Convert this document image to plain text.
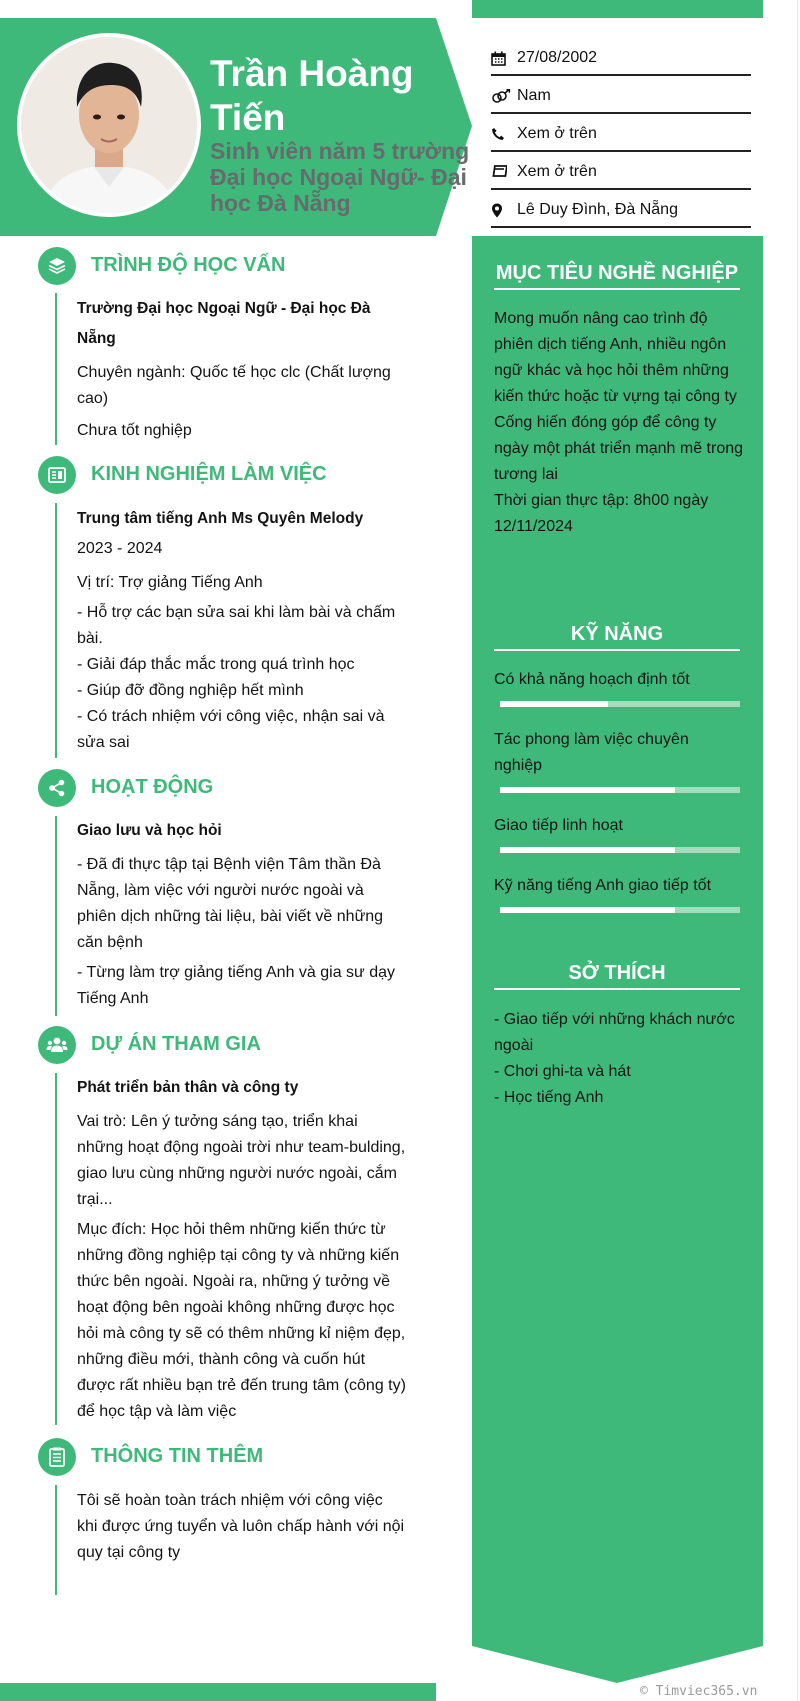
Trần Hoàng Tiến
Sinh viên năm 5 trường Đại học Ngoại Ngữ- Đại học Đà Nẵng
27/08/2002
Nam
Xem ở trên
Xem ở trên
Lê Duy Đình, Đà Nẵng
MỤC TIÊU NGHỀ NGHIỆP
Mong muốn nâng cao trình độ phiên dịch tiếng Anh, nhiều ngôn ngữ khác và học hỏi thêm những kiến thức hoặc từ vựng tại công ty Cống hiến đóng góp để công ty ngày một phát triển mạnh mẽ trong tương lai
Thời gian thực tập: 8h00 ngày 12/11/2024
KỸ NĂNG
Có khả năng hoạch định tốt
Tác phong làm việc chuyên nghiệp
Giao tiếp linh hoạt
Kỹ năng tiếng Anh giao tiếp tốt
SỞ THÍCH
- Giao tiếp với những khách nước ngoài
- Chơi ghi-ta và hát
- Học tiếng Anh
TRÌNH ĐỘ HỌC VẤN
Trường Đại học Ngoại Ngữ - Đại học Đà Nẵng
Chuyên ngành: Quốc tế học clc (Chất lượng cao)
Chưa tốt nghiệp
KINH NGHIỆM LÀM VIỆC
Trung tâm tiếng Anh Ms Quyên Melody
2023 - 2024
Vị trí: Trợ giảng Tiếng Anh
- Hỗ trợ các bạn sửa sai khi làm bài và chấm bài.
- Giải đáp thắc mắc trong quá trình học
- Giúp đỡ đồng nghiệp hết mình
- Có trách nhiệm với công việc, nhận sai và sửa sai
HOẠT ĐỘNG
Giao lưu và học hỏi
- Đã đi thực tập tại Bệnh viện Tâm thần Đà Nẵng, làm việc với người nước ngoài và phiên dịch những tài liệu, bài viết về những căn bệnh
- Từng làm trợ giảng tiếng Anh và gia sư dạy Tiếng Anh
DỰ ÁN THAM GIA
Phát triển bản thân và công ty
Vai trò: Lên ý tưởng sáng tạo, triển khai những hoạt động ngoài trời như team-bulding, giao lưu cùng những người nước ngoài, cắm trại...
Mục đích: Học hỏi thêm những kiến thức từ những đồng nghiệp tại công ty và những kiến thức bên ngoài. Ngoài ra, những ý tưởng về hoạt động bên ngoài không những được học hỏi mà công ty sẽ có thêm những kỉ niệm đẹp, những điều mới, thành công và cuốn hút được rất nhiều bạn trẻ đến trung tâm (công ty) để học tập và làm việc
THÔNG TIN THÊM
Tôi sẽ hoàn toàn trách nhiệm với công việc khi được ứng tuyển và luôn chấp hành với nội quy tại công ty
© Timviec365.vn
